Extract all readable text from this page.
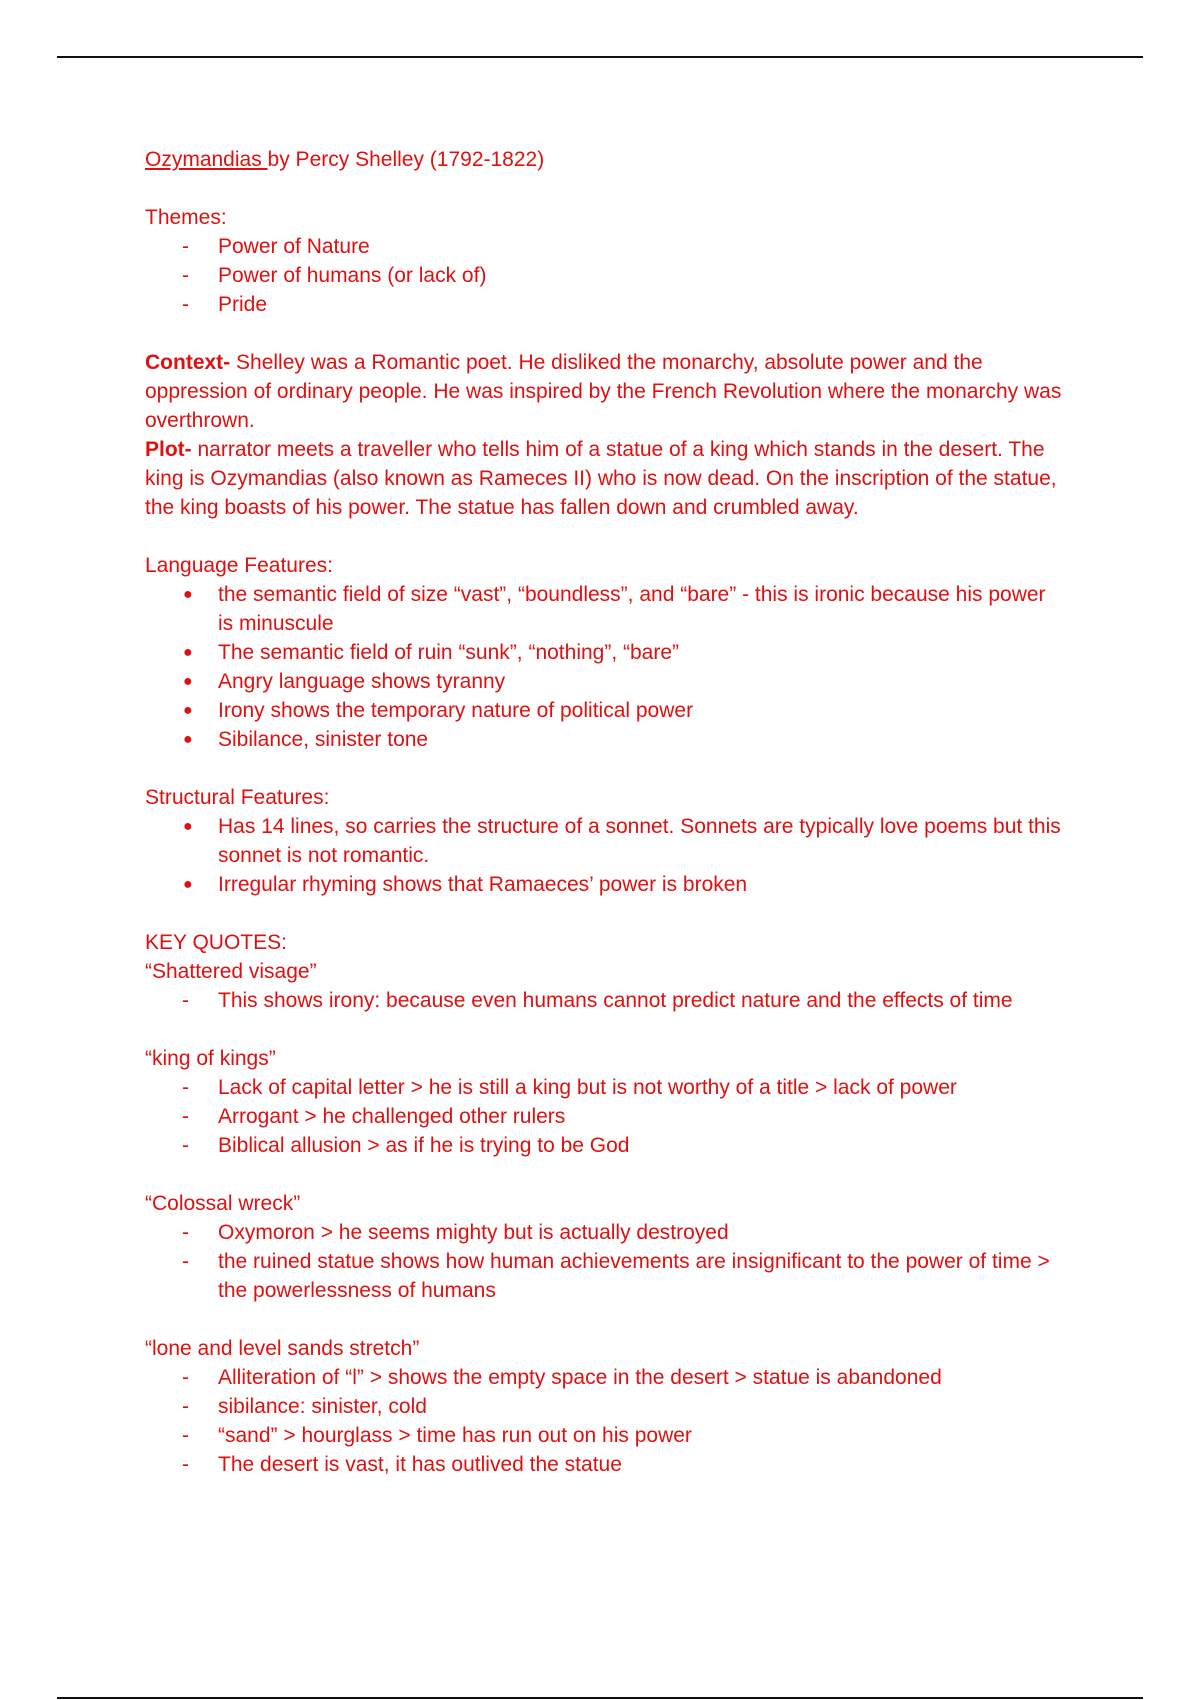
Ozymandias by Percy Shelley (1792-1822)
Themes:
-	Power of Nature
-	Power of humans (or lack of)
-	Pride
Context- Shelley was a Romantic poet. He disliked the monarchy, absolute power and the oppression of ordinary people. He was inspired by the French Revolution where the monarchy was overthrown.
Plot- narrator meets a traveller who tells him of a statue of a king which stands in the desert. The king is Ozymandias (also known as Rameces II) who is now dead. On the inscription of the statue, the king boasts of his power. The statue has fallen down and crumbled away.
Language Features:
●	the semantic field of size “vast”, “boundless”, and “bare” - this is ironic because his power is minuscule
●	The semantic field of ruin “sunk”, “nothing”, “bare”
●	Angry language shows tyranny
●	Irony shows the temporary nature of political power
●	Sibilance, sinister tone
Structural Features:
●	Has 14 lines, so carries the structure of a sonnet. Sonnets are typically love poems but this sonnet is not romantic.
●	Irregular rhyming shows that Ramaeces’ power is broken
KEY QUOTES:
“Shattered visage”
-	This shows irony: because even humans cannot predict nature and the effects of time
“king of kings”
-	Lack of capital letter > he is still a king but is not worthy of a title > lack of power
-	Arrogant > he challenged other rulers
-	Biblical allusion > as if he is trying to be God
“Colossal wreck”
-	Oxymoron > he seems mighty but is actually destroyed
-	the ruined statue shows how human achievements are insignificant to the power of time > the powerlessness of humans
“lone and level sands stretch”
-	Alliteration of “l” > shows the empty space in the desert > statue is abandoned
-	sibilance: sinister, cold
-	“sand” > hourglass > time has run out on his power
-	The desert is vast, it has outlived the statue
